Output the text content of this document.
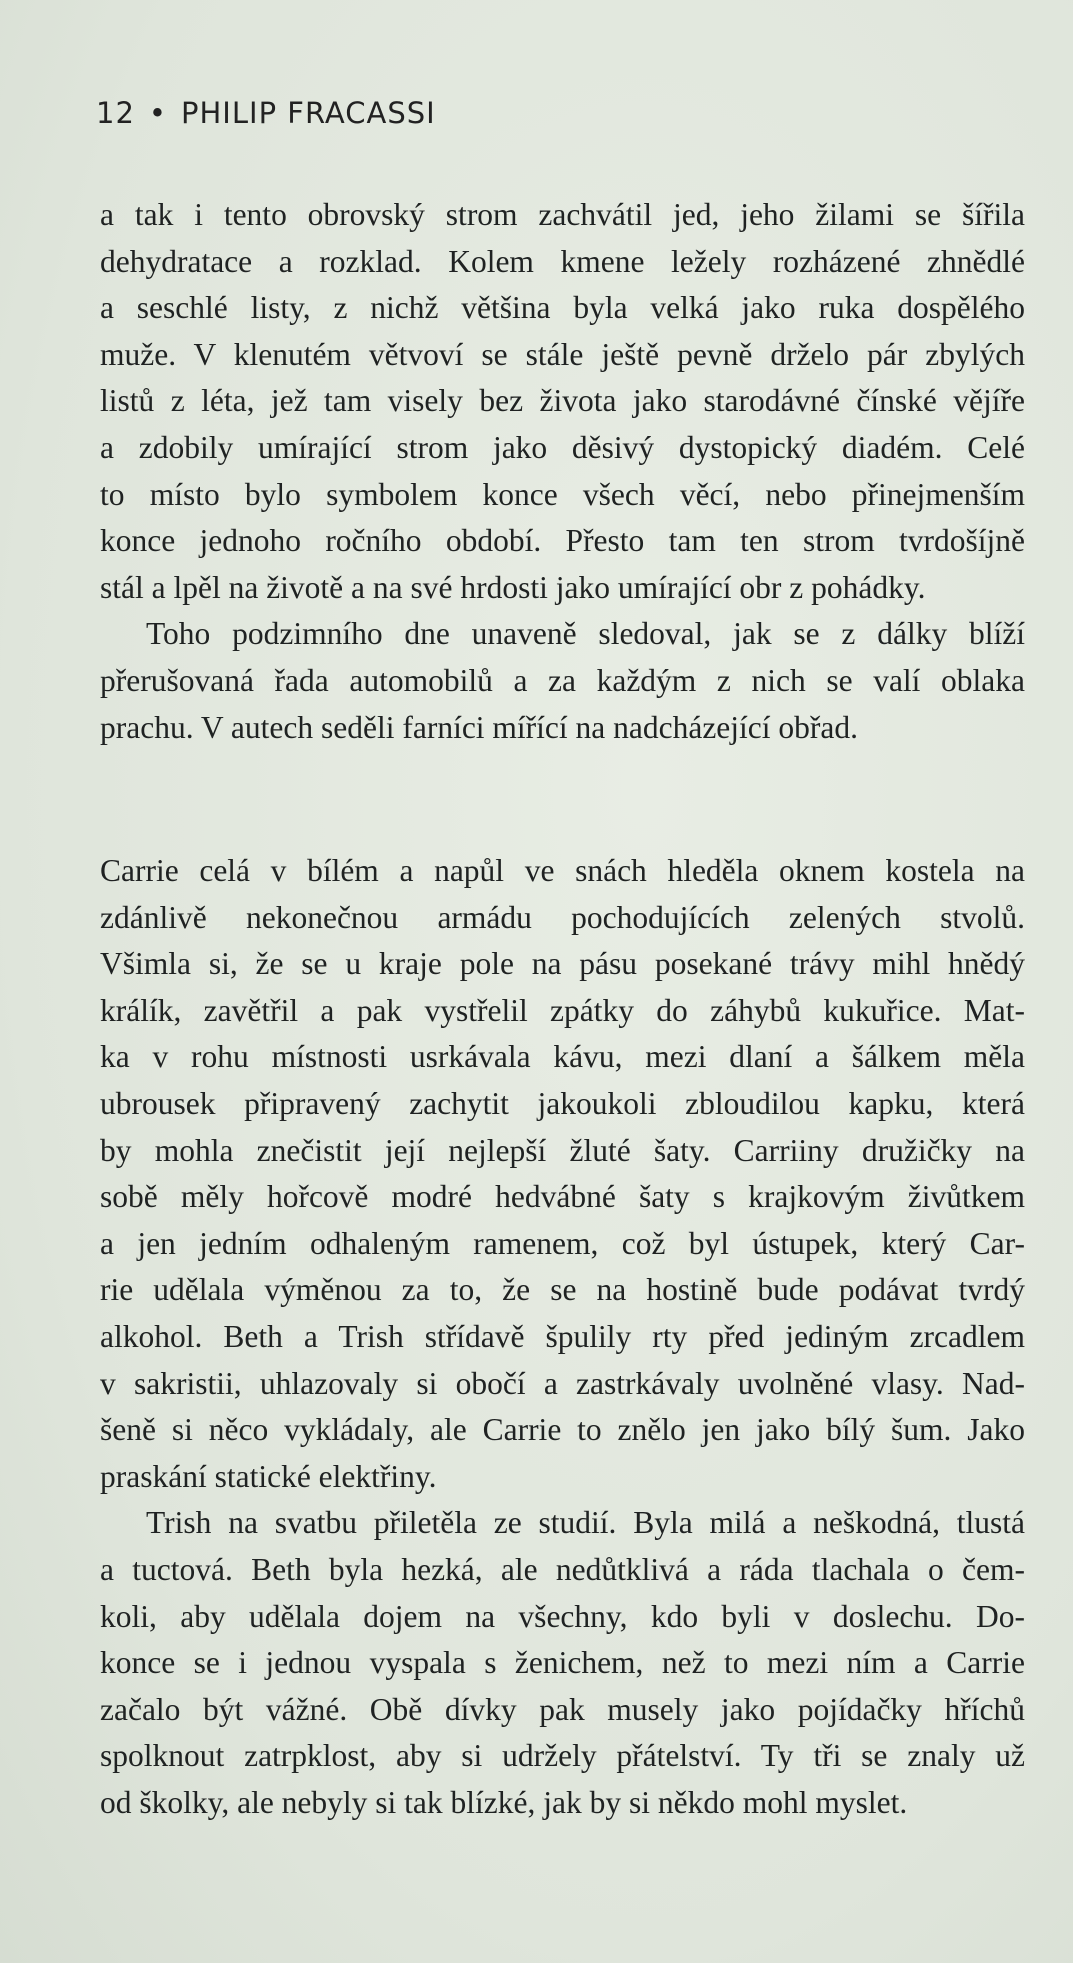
12 • PHILIP FRACASSI
a tak i tento obrovský strom zachvátil jed, jeho žilami se šířila
dehydratace a rozklad. Kolem kmene ležely rozházené zhnědlé
a seschlé listy, z nichž většina byla velká jako ruka dospělého
muže. V klenutém větvoví se stále ještě pevně drželo pár zbylých
listů z léta, jež tam visely bez života jako starodávné čínské vějíře
a zdobily umírající strom jako děsivý dystopický diadém. Celé
to místo bylo symbolem konce všech věcí, nebo přinejmenším
konce jednoho ročního období. Přesto tam ten strom tvrdošíjně
stál a lpěl na životě a na své hrdosti jako umírající obr z pohádky.
Toho podzimního dne unaveně sledoval, jak se z dálky blíží
přerušovaná řada automobilů a za každým z nich se valí oblaka
prachu. V autech seděli farníci mířící na nadcházející obřad.
Carrie celá v bílém a napůl ve snách hleděla oknem kostela na
zdánlivě nekonečnou armádu pochodujících zelených stvolů.
Všimla si, že se u kraje pole na pásu posekané trávy mihl hnědý
králík, zavětřil a pak vystřelil zpátky do záhybů kukuřice. Mat-
ka v rohu místnosti usrkávala kávu, mezi dlaní a šálkem měla
ubrousek připravený zachytit jakoukoli zbloudilou kapku, která
by mohla znečistit její nejlepší žluté šaty. Carriiny družičky na
sobě měly hořcově modré hedvábné šaty s krajkovým živůtkem
a jen jedním odhaleným ramenem, což byl ústupek, který Car-
rie udělala výměnou za to, že se na hostině bude podávat tvrdý
alkohol. Beth a Trish střídavě špulily rty před jediným zrcadlem
v sakristii, uhlazovaly si obočí a zastrkávaly uvolněné vlasy. Nad-
šeně si něco vykládaly, ale Carrie to znělo jen jako bílý šum. Jako
praskání statické elektřiny.
Trish na svatbu přiletěla ze studií. Byla milá a neškodná, tlustá
a tuctová. Beth byla hezká, ale nedůtklivá a ráda tlachala o čem-
koli, aby udělala dojem na všechny, kdo byli v doslechu. Do-
konce se i jednou vyspala s ženichem, než to mezi ním a Carrie
začalo být vážné. Obě dívky pak musely jako pojídačky hříchů
spolknout zatrpklost, aby si udržely přátelství. Ty tři se znaly už
od školky, ale nebyly si tak blízké, jak by si někdo mohl myslet.
